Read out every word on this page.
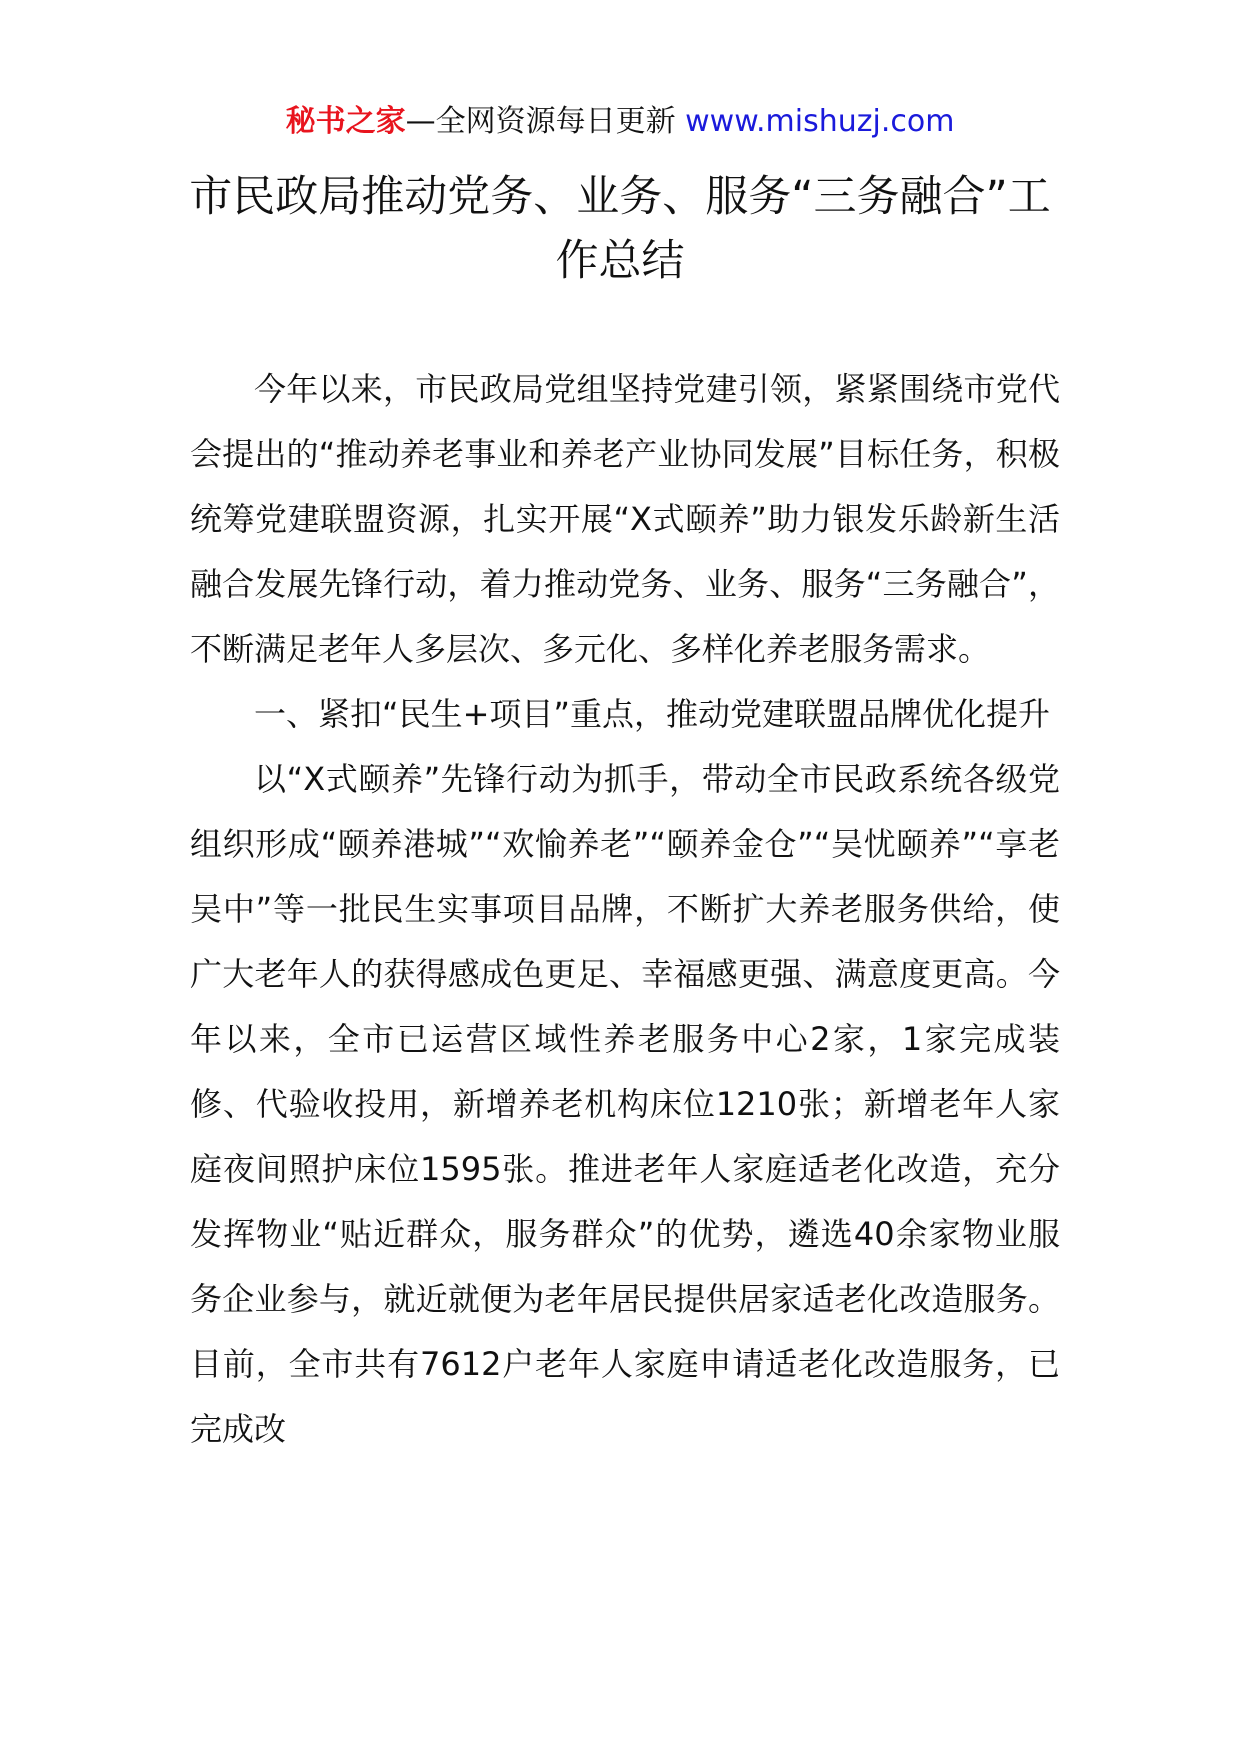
秘书之家—全网资源每日更新 www.mishuzj.com
市民政局推动党务、业务、服务“三务融合”工作总结

今年以来，市民政局党组坚持党建引领，紧紧围绕市党代会提出的“推动养老事业和养老产业协同发展”目标任务，积极统筹党建联盟资源，扎实开展“X式颐养”助力银发乐龄新生活融合发展先锋行动，着力推动党务、业务、服务“三务融合”，不断满足老年人多层次、多元化、多样化养老服务需求。

一、紧扣“民生+项目”重点，推动党建联盟品牌优化提升

以“X式颐养”先锋行动为抓手，带动全市民政系统各级党组织形成“颐养港城”“欢愉养老”“颐养金仓”“吴忧颐养”“享老吴中”等一批民生实事项目品牌，不断扩大养老服务供给，使广大老年人的获得感成色更足、幸福感更强、满意度更高。今年以来，全市已运营区域性养老服务中心2家，1家完成装修、代验收投用，新增养老机构床位1210张；新增老年人家庭夜间照护床位1595张。推进老年人家庭适老化改造，充分发挥物业“贴近群众，服务群众”的优势，遴选40余家物业服务企业参与，就近就便为老年居民提供居家适老化改造服务。目前，全市共有7612户老年人家庭申请适老化改造服务，已完成改
